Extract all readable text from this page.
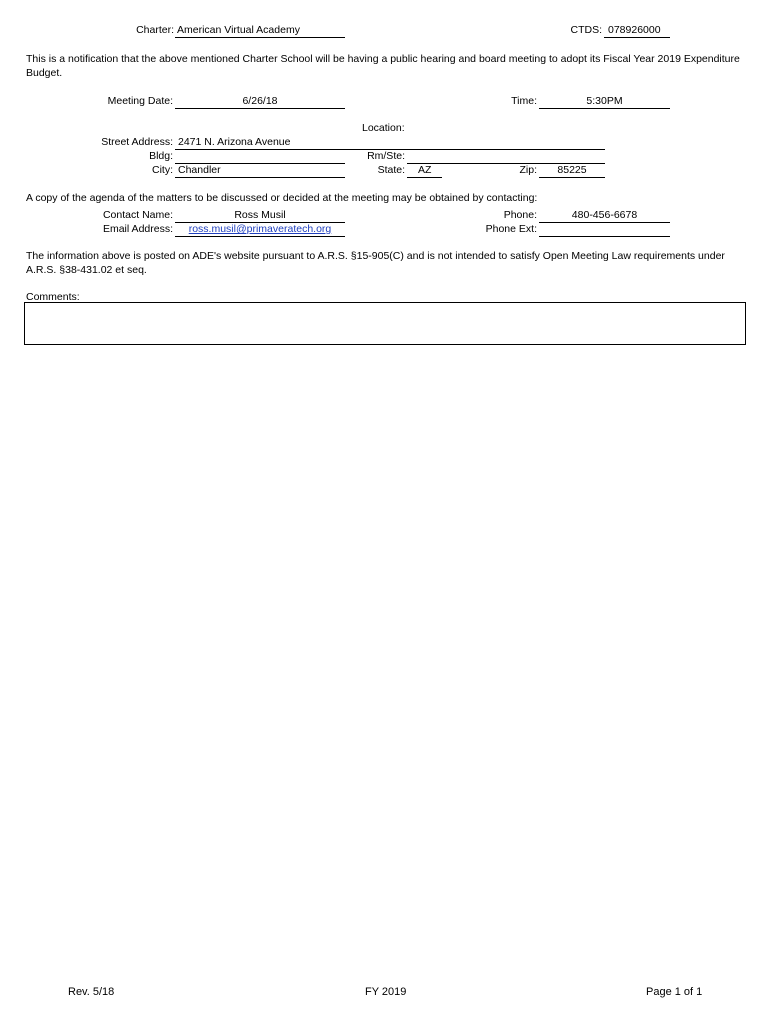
Charter: American Virtual Academy	CTDS: 078926000
This is a notification that the above mentioned Charter School will be having a public hearing and board meeting to adopt its Fiscal Year 2019 Expenditure Budget.
Meeting Date:	6/26/18	Time:	5:30PM
Location:
Street Address: 2471 N. Arizona Avenue
Bldg:	Rm/Ste:
City: Chandler	State:	AZ	Zip:	85225
A copy of the agenda of the matters to be discussed or decided at the meeting may be obtained by contacting:
Contact Name:	Ross Musil	Phone:	480-456-6678
Email Address:	ross.musil@primaveratech.org	Phone Ext:
The information above is posted on ADE's website pursuant to A.R.S. §15-905(C) and is not intended to satisfy Open Meeting Law requirements under A.R.S. §38-431.02 et seq.
Comments:
Rev. 5/18	FY 2019	Page 1 of 1
